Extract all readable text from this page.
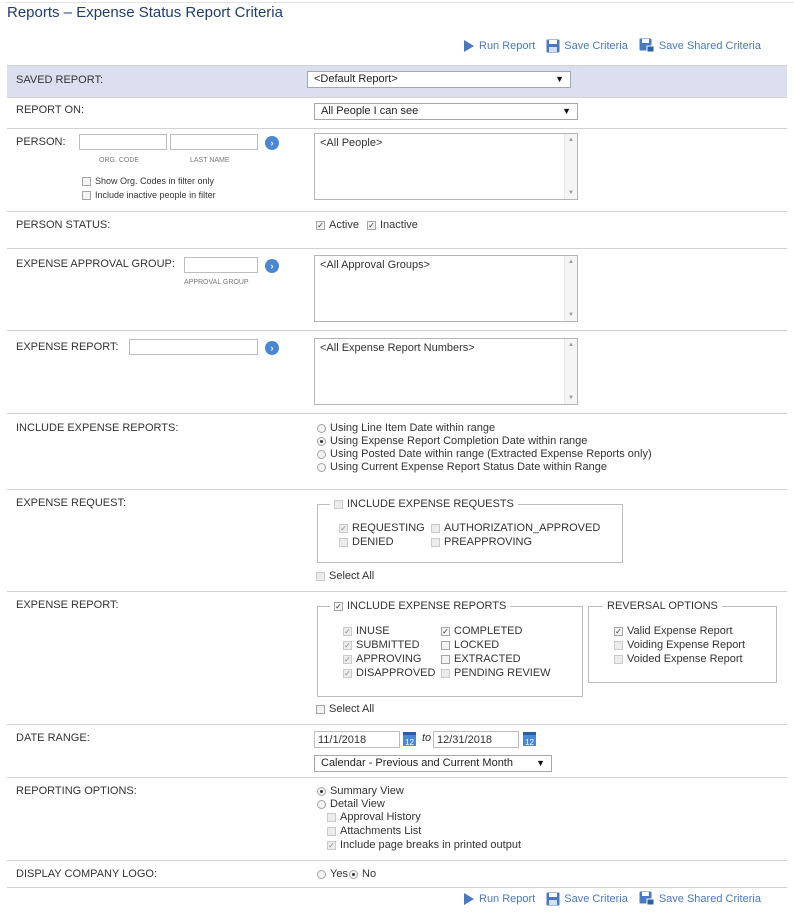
Reports – Expense Status Report Criteria
Run Report	Save Criteria	Save Shared Criteria
SAVED REPORT:	<Default Report>	▼
REPORT ON:	All People I can see	▼
PERSON:
ORG. CODE	LAST NAME
›
Show Org. Codes in filter only
Include inactive people in filter
<All People>	▲
▼
PERSON STATUS:	✓ Active ✓ Inactive
EXPENSE APPROVAL GROUP:
APPROVAL GROUP
›	<All Approval Groups>	▲
▼
EXPENSE REPORT:	›	<All Expense Report Numbers>	▲
▼
INCLUDE EXPENSE REPORTS:	Using Line Item Date within range
Using Expense Report Completion Date within range
Using Posted Date within range (Extracted Expense Reports only)
Using Current Expense Report Status Date within Range
EXPENSE REQUEST:	INCLUDE EXPENSE REQUESTS
✓ REQUESTING AUTHORIZATION_APPROVED
DENIED	PREAPPROVING
Select All
EXPENSE REPORT:	✓ INCLUDE EXPENSE REPORTS
✓ INUSE	✓ COMPLETED
✓ SUBMITTED	LOCKED
✓ APPROVING	EXTRACTED
✓ DISAPPROVED PENDING REVIEW
Select All
REVERSAL OPTIONS
✓ Valid Expense Report
Voiding Expense Report
Voided Expense Report
DATE RANGE:	11/1/2018	12 to 12/31/2018	12
Calendar - Previous and Current Month	▼
REPORTING OPTIONS:	Summary View
Detail View
Approval History
Attachments List
✓ Include page breaks in printed output
DISPLAY COMPANY LOGO:	Yes No
Run Report	Save Criteria	Save Shared Criteria
